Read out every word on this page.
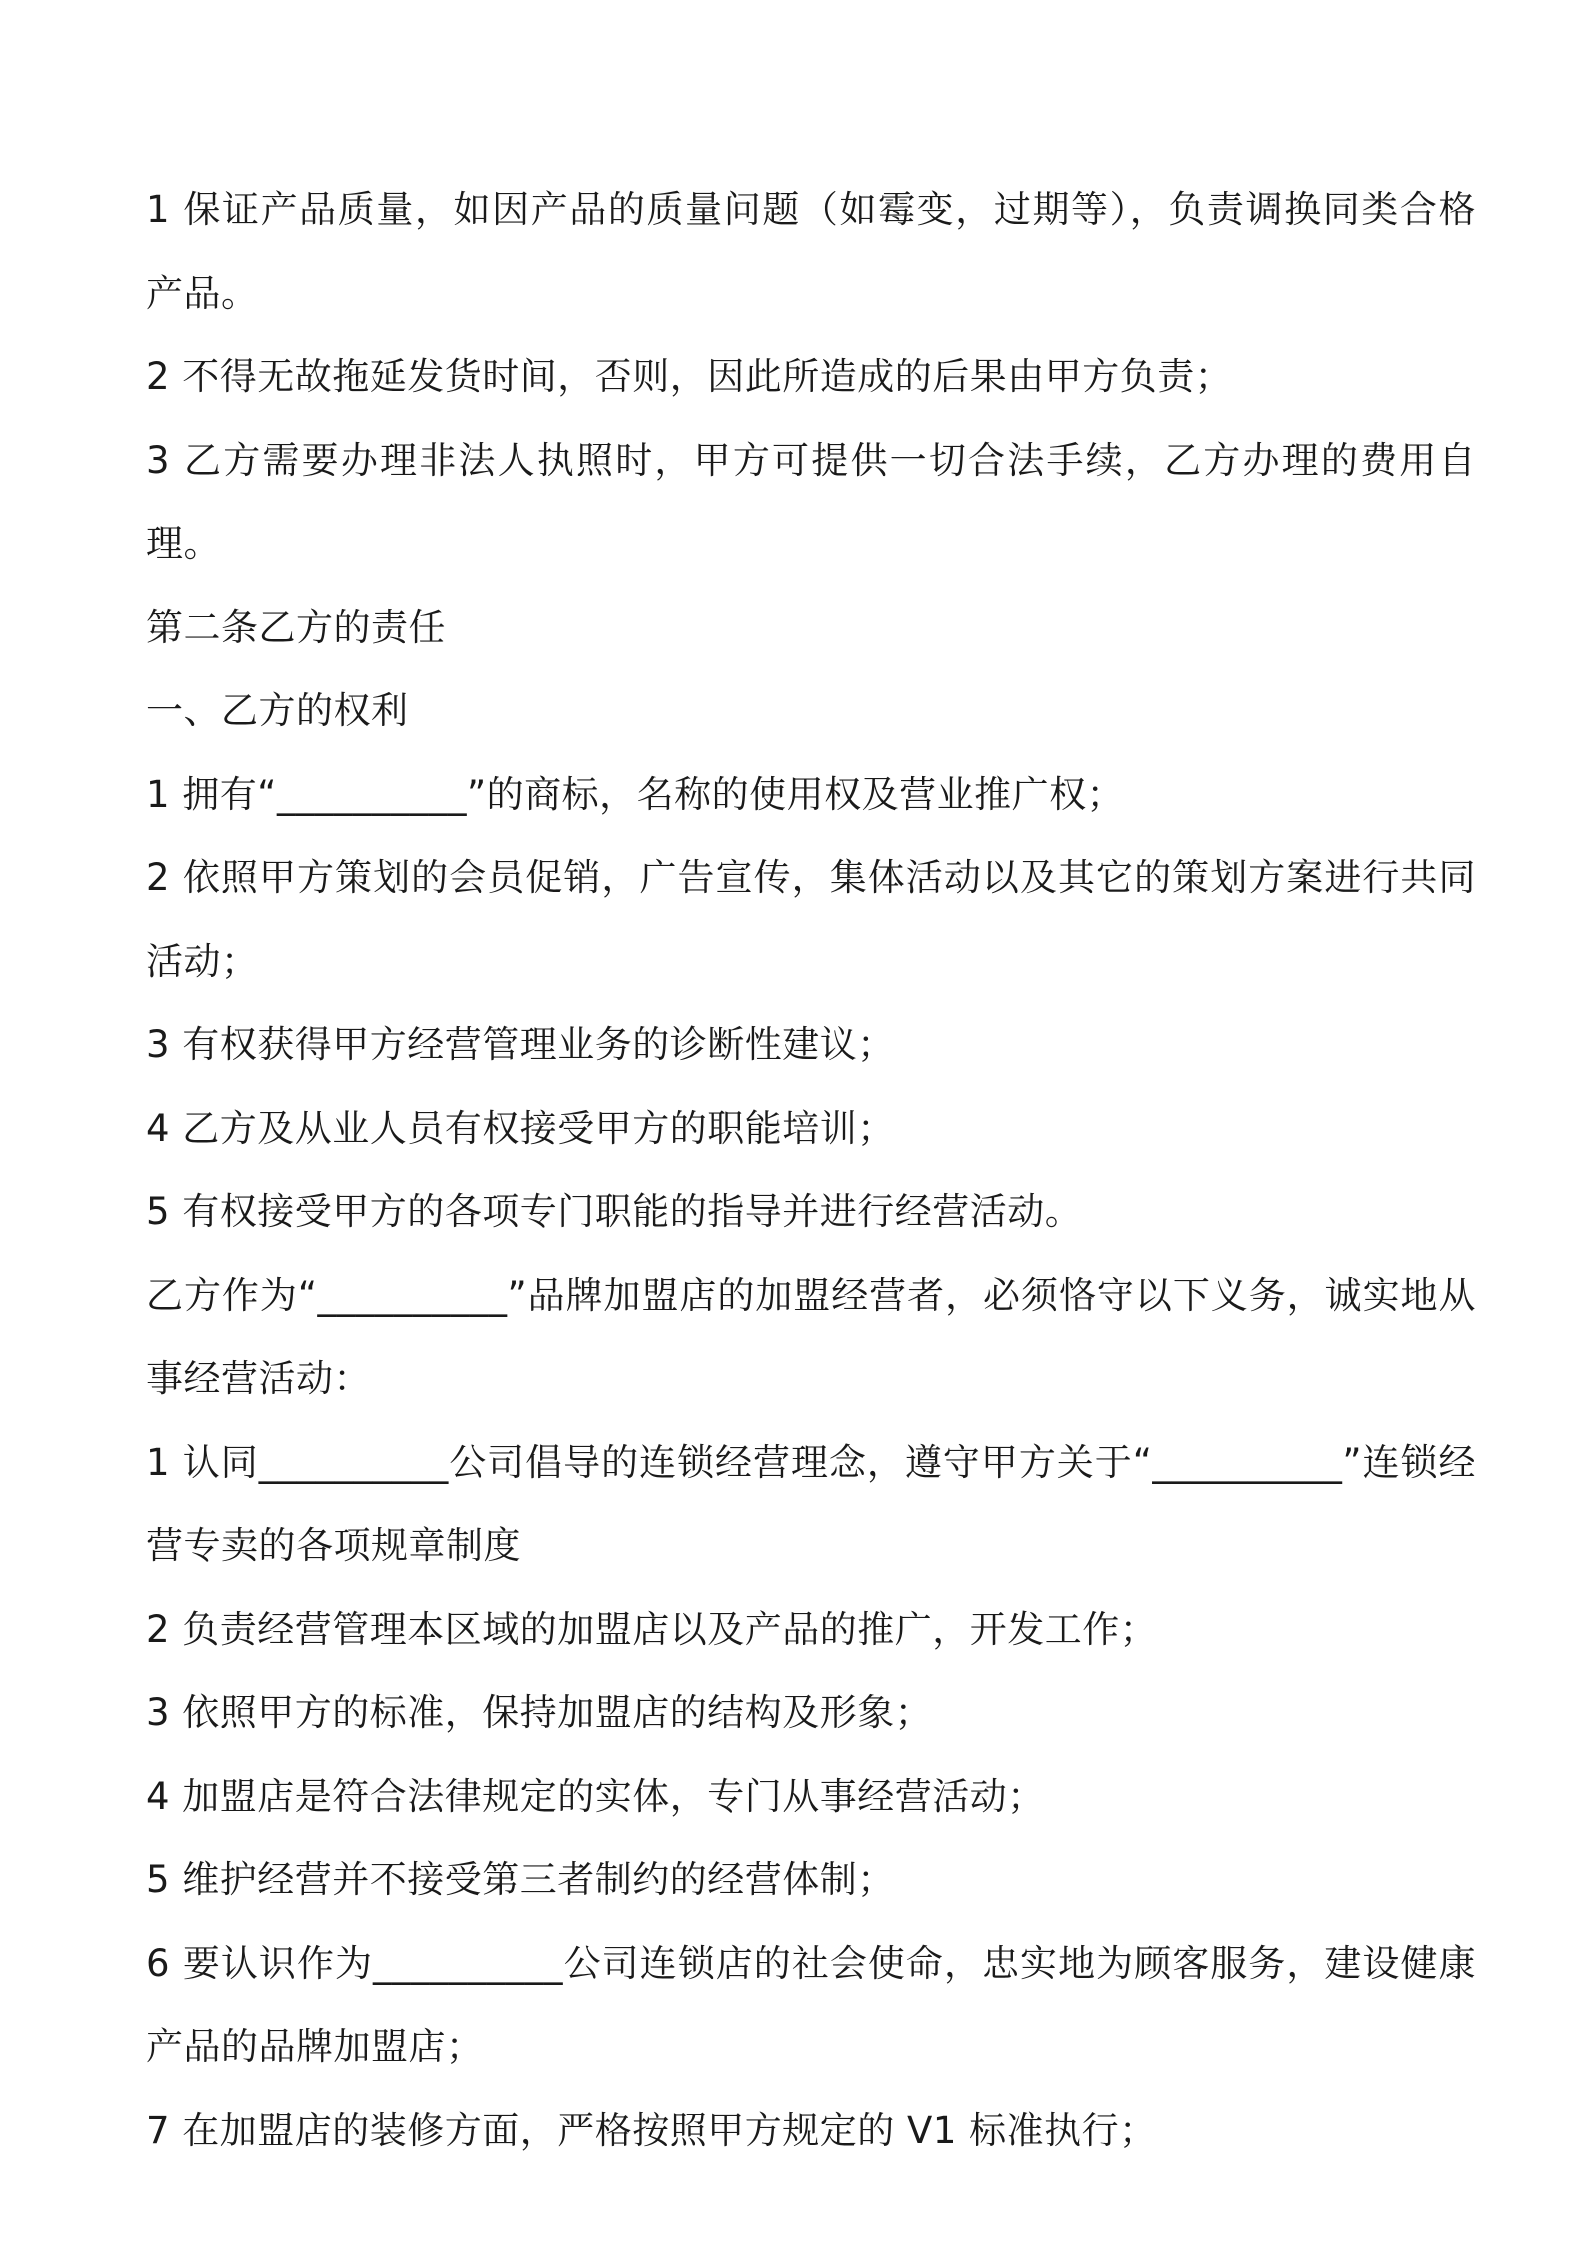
1 保证产品质量，如因产品的质量问题（如霉变，过期等），负责调换同类合格产品。

2 不得无故拖延发货时间，否则，因此所造成的后果由甲方负责；

3 乙方需要办理非法人执照时，甲方可提供一切合法手续，乙方办理的费用自理。

第二条乙方的责任

一、乙方的权利

1 拥有“__________”的商标，名称的使用权及营业推广权；

2 依照甲方策划的会员促销，广告宣传，集体活动以及其它的策划方案进行共同活动；

3 有权获得甲方经营管理业务的诊断性建议；

4 乙方及从业人员有权接受甲方的职能培训；

5 有权接受甲方的各项专门职能的指导并进行经营活动。

乙方作为“__________”品牌加盟店的加盟经营者，必须恪守以下义务，诚实地从事经营活动：

1 认同__________公司倡导的连锁经营理念，遵守甲方关于“__________”连锁经营专卖的各项规章制度

2 负责经营管理本区域的加盟店以及产品的推广，开发工作；

3 依照甲方的标准，保持加盟店的结构及形象；

4 加盟店是符合法律规定的实体，专门从事经营活动；

5 维护经营并不接受第三者制约的经营体制；

6 要认识作为__________公司连锁店的社会使命，忠实地为顾客服务，建设健康产品的品牌加盟店；

7 在加盟店的装修方面，严格按照甲方规定的 V1 标准执行；
